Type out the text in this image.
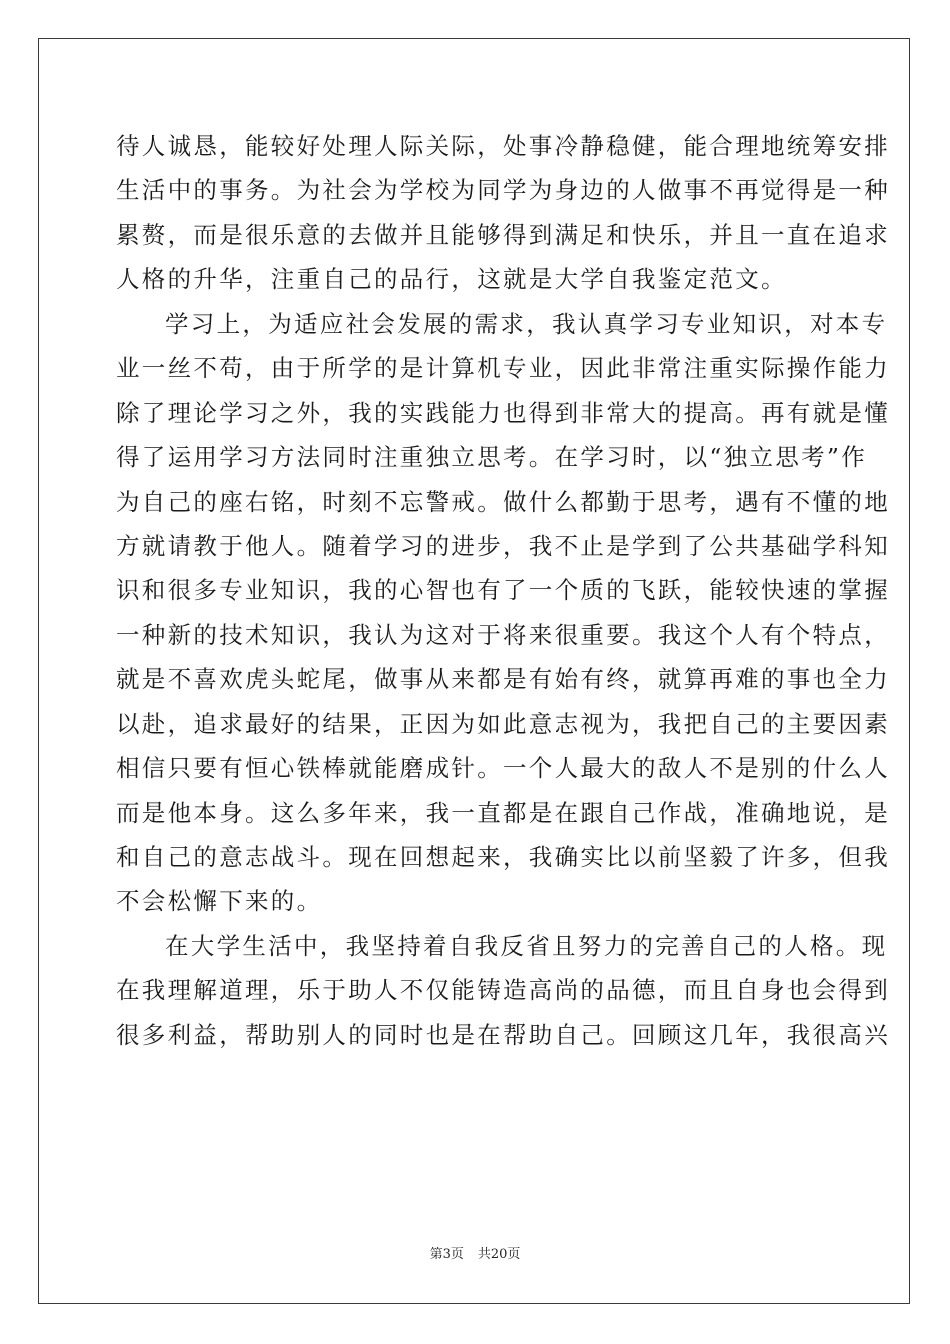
待人诚恳，能较好处理人际关际，处事冷静稳健，能合理地统筹安排
生活中的事务。为社会为学校为同学为身边的人做事不再觉得是一种
累赘，而是很乐意的去做并且能够得到满足和快乐，并且一直在追求
人格的升华，注重自己的品行，这就是大学自我鉴定范文。
学习上，为适应社会发展的需求，我认真学习专业知识，对本专
业一丝不苟，由于所学的是计算机专业，因此非常注重实际操作能力
除了理论学习之外，我的实践能力也得到非常大的提高。再有就是懂
得了运用学习方法同时注重独立思考。在学习时，以“独立思考”作
为自己的座右铭，时刻不忘警戒。做什么都勤于思考，遇有不懂的地
方就请教于他人。随着学习的进步，我不止是学到了公共基础学科知
识和很多专业知识，我的心智也有了一个质的飞跃，能较快速的掌握
一种新的技术知识，我认为这对于将来很重要。我这个人有个特点，
就是不喜欢虎头蛇尾，做事从来都是有始有终，就算再难的事也全力
以赴，追求最好的结果，正因为如此意志视为，我把自己的主要因素
相信只要有恒心铁棒就能磨成针。一个人最大的敌人不是别的什么人
而是他本身。这么多年来，我一直都是在跟自己作战，准确地说，是
和自己的意志战斗。现在回想起来，我确实比以前坚毅了许多，但我
不会松懈下来的。
在大学生活中，我坚持着自我反省且努力的完善自己的人格。现
在我理解道理，乐于助人不仅能铸造高尚的品德，而且自身也会得到
很多利益，帮助别人的同时也是在帮助自己。回顾这几年，我很高兴
第3页 共20页
